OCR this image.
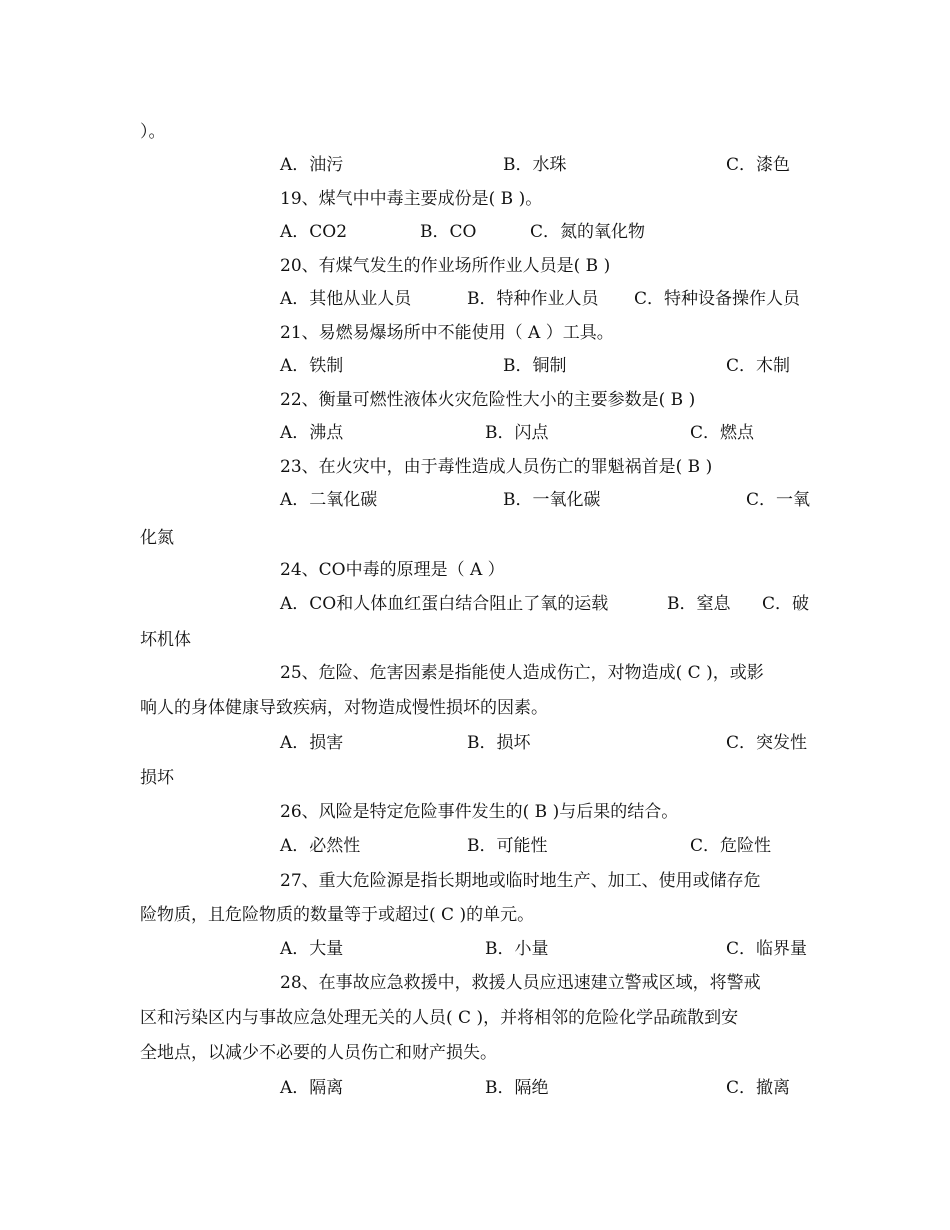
）。
A．油污	B．水珠	C．漆色
19、煤气中中毒主要成份是( B )。
A．CO2	B．CO	C．氮的氧化物
20、有煤气发生的作业场所作业人员是( B )
A．其他从业人员	B．特种作业人员 C．特种设备操作人员
21、易燃易爆场所中不能使用（ A ）工具。
A．铁制	B．铜制	C．木制
22、衡量可燃性液体火灾危险性大小的主要参数是( B )
A．沸点	B．闪点	C．燃点
23、在火灾中，由于毒性造成人员伤亡的罪魁祸首是( B )
A．二氧化碳	B．一氧化碳	C．一氧
化氮
24、CO中毒的原理是（ A ）
A．CO和人体血红蛋白结合阻止了氧的运载	B．窒息 C．破
坏机体
25、危险、危害因素是指能使人造成伤亡，对物造成( C )，或影
响人的身体健康导致疾病，对物造成慢性损坏的因素。
A．损害	B．损坏	C．突发性
损坏
26、风险是特定危险事件发生的( B )与后果的结合。
A．必然性	B．可能性	C．危险性
27、重大危险源是指长期地或临时地生产、加工、使用或储存危
险物质，且危险物质的数量等于或超过( C )的单元。
A．大量	B．小量	C．临界量
28、在事故应急救援中，救援人员应迅速建立警戒区域，将警戒
区和污染区内与事故应急处理无关的人员( C )，并将相邻的危险化学品疏散到安
全地点，以减少不必要的人员伤亡和财产损失。
A．隔离	B．隔绝	C．撤离
